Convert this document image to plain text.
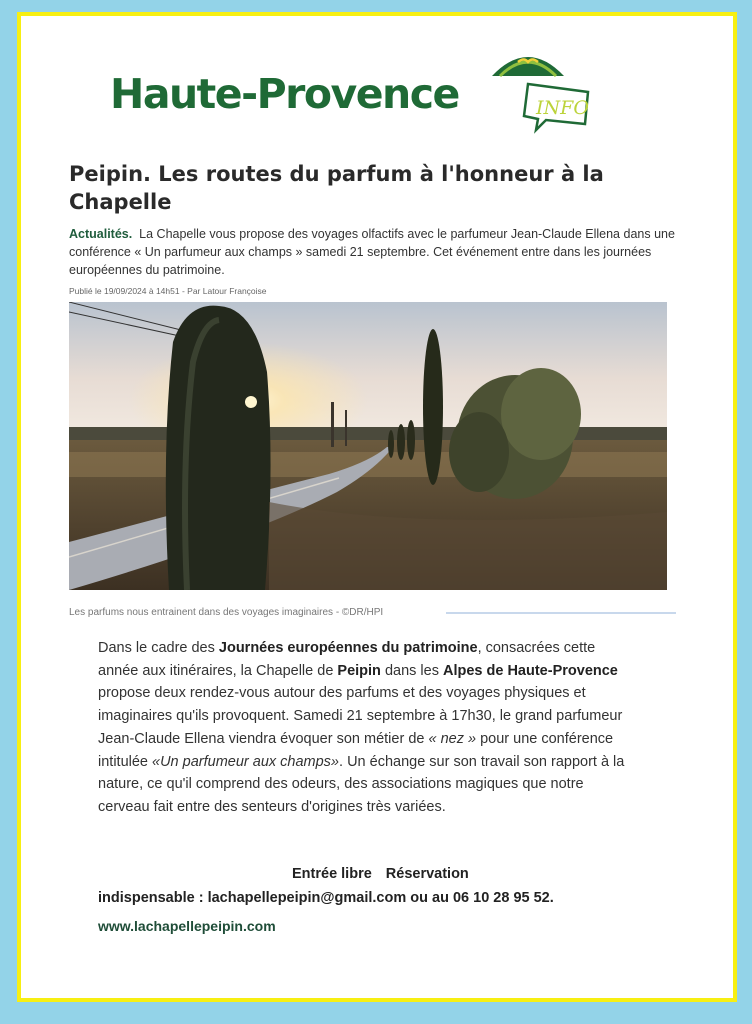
Haute-Provence	INFO
Peipin. Les routes du parfum à l'honneur à la Chapelle

Actualités. La Chapelle vous propose des voyages olfactifs avec le parfumeur Jean-Claude Ellena dans une conférence « Un parfumeur aux champs » samedi 21 septembre. Cet événement entre dans les journées européennes du patrimoine.

Publié le 19/09/2024 à 14h51 - Par Latour Françoise
Les parfums nous entrainent dans des voyages imaginaires - ©DR/HPI

Dans le cadre des Journées européennes du patrimoine, consacrées cette année aux itinéraires, la Chapelle de Peipin dans les Alpes de Haute-Provence propose deux rendez-vous autour des parfums et des voyages physiques et imaginaires qu'ils provoquent. Samedi 21 septembre à 17h30, le grand parfumeur Jean-Claude Ellena viendra évoquer son métier de « nez » pour une conférence intitulée «Un parfumeur aux champs». Un échange sur son travail son rapport à la nature, ce qu'il comprend des odeurs, des associations magiques que notre cerveau fait entre des senteurs d'origines très variées.

Entrée libre Réservation
indispensable : lachapellepeipin@gmail.com ou au 06 10 28 95 52.
www.lachapellepeipin.com
